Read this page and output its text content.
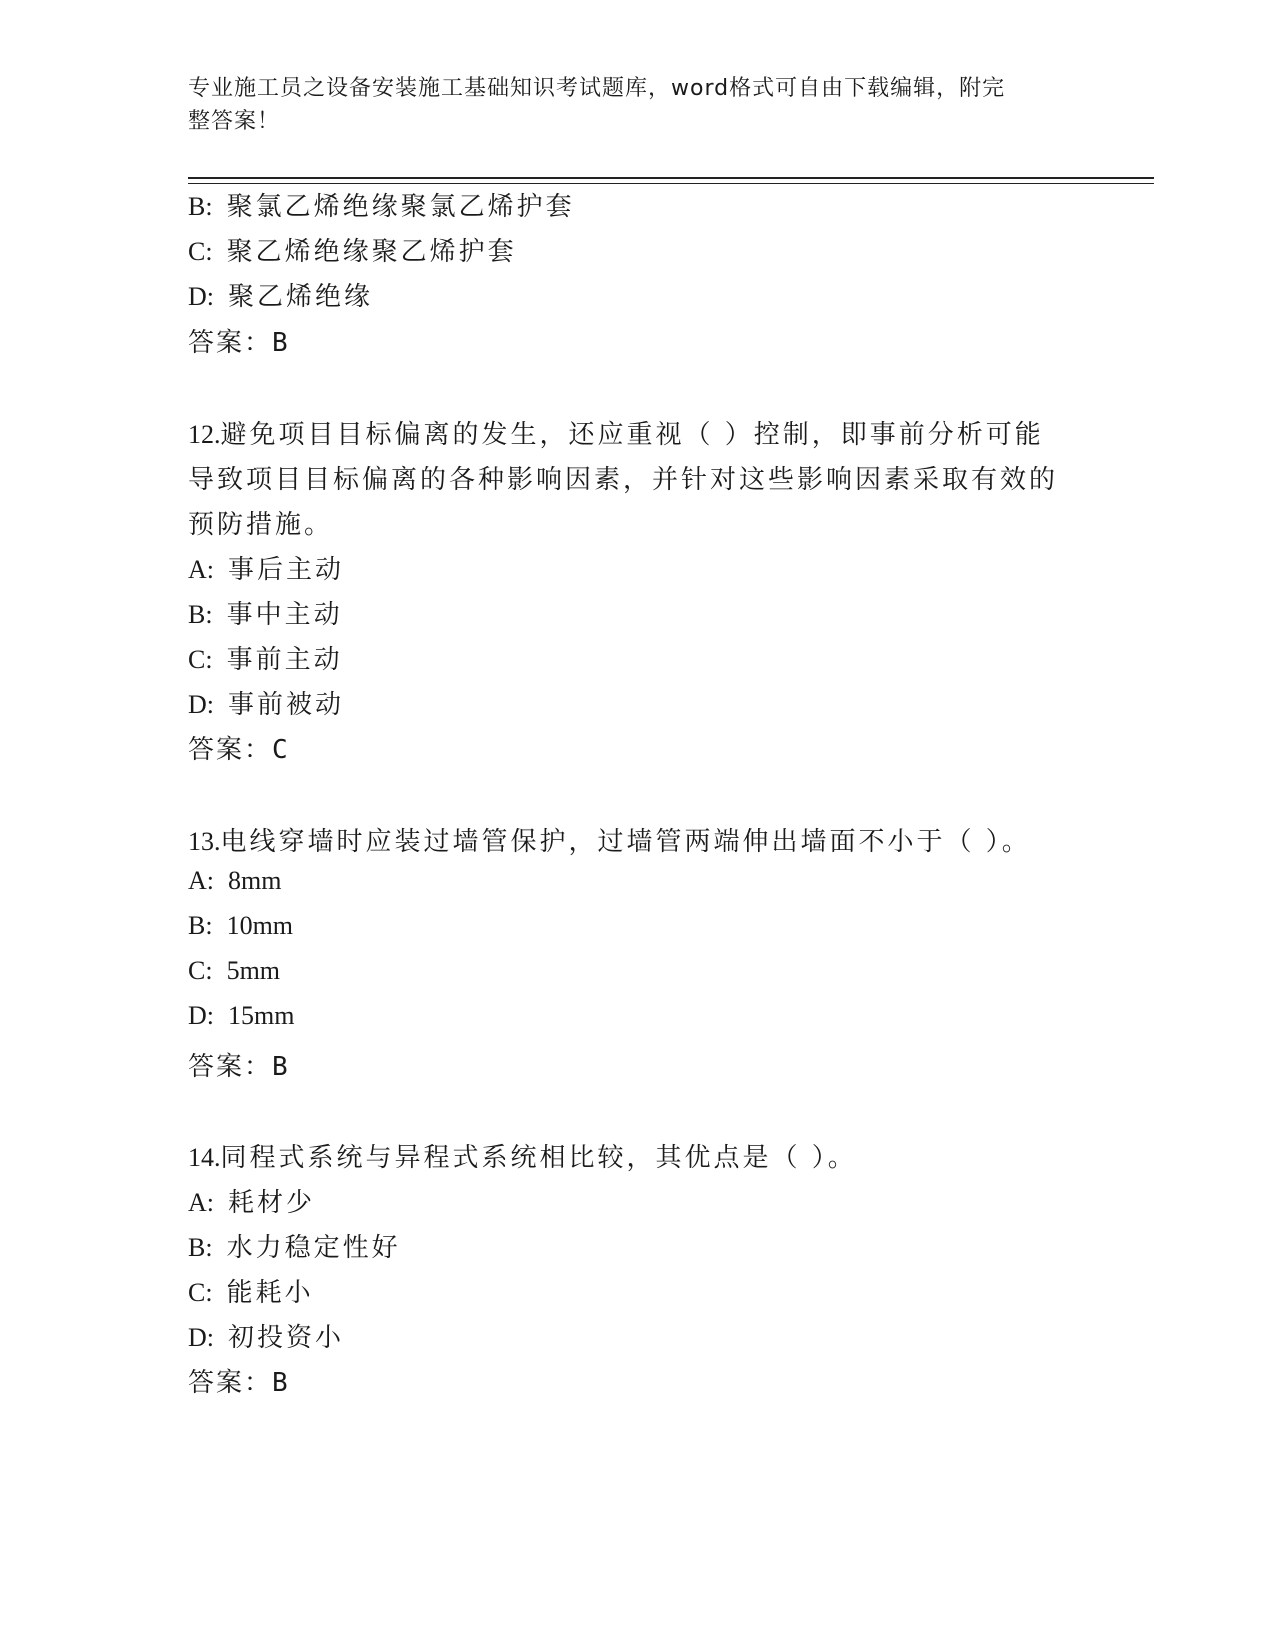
专业施工员之设备安装施工基础知识考试题库，word格式可自由下载编辑，附完
整答案！
B: 聚氯乙烯绝缘聚氯乙烯护套
C: 聚乙烯绝缘聚乙烯护套
D: 聚乙烯绝缘
答案：B
12.避免项目目标偏离的发生，还应重视（ ）控制，即事前分析可能
导致项目目标偏离的各种影响因素，并针对这些影响因素采取有效的
预防措施。
A: 事后主动
B: 事中主动
C: 事前主动
D: 事前被动
答案：C
13.电线穿墙时应装过墙管保护，过墙管两端伸出墙面不小于（ ）。
A: 8mm
B: 10mm
C: 5mm
D: 15mm
答案：B
14.同程式系统与异程式系统相比较，其优点是（ ）。
A: 耗材少
B: 水力稳定性好
C: 能耗小
D: 初投资小
答案：B
